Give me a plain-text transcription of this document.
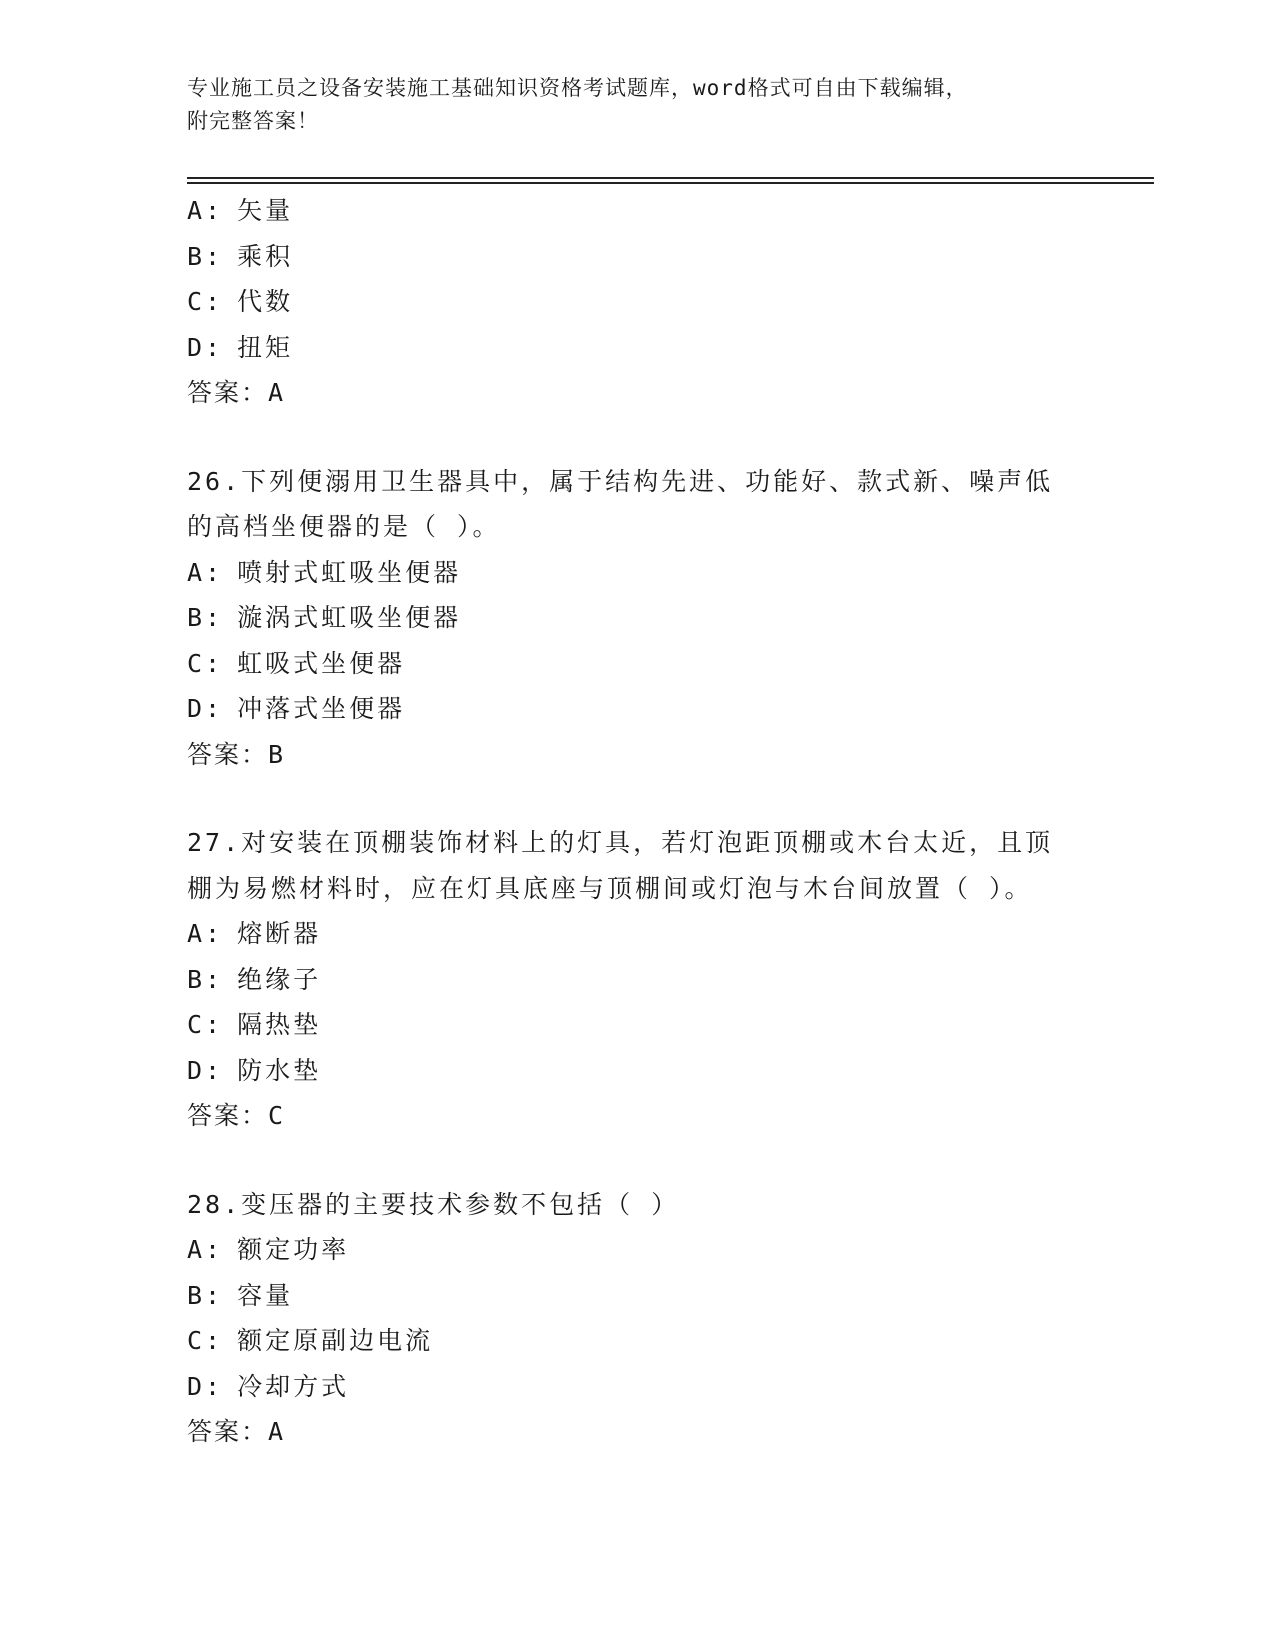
专业施工员之设备安装施工基础知识资格考试题库，word格式可自由下载编辑，
附完整答案！
A: 矢量
B: 乘积
C: 代数
D: 扭矩
答案：A
26.下列便溺用卫生器具中，属于结构先进、功能好、款式新、噪声低
的高档坐便器的是（ ）。
A: 喷射式虹吸坐便器
B: 漩涡式虹吸坐便器
C: 虹吸式坐便器
D: 冲落式坐便器
答案：B
27.对安装在顶棚装饰材料上的灯具，若灯泡距顶棚或木台太近，且顶
棚为易燃材料时，应在灯具底座与顶棚间或灯泡与木台间放置（ ）。
A: 熔断器
B: 绝缘子
C: 隔热垫
D: 防水垫
答案：C
28.变压器的主要技术参数不包括（ ）
A: 额定功率
B: 容量
C: 额定原副边电流
D: 冷却方式
答案：A
